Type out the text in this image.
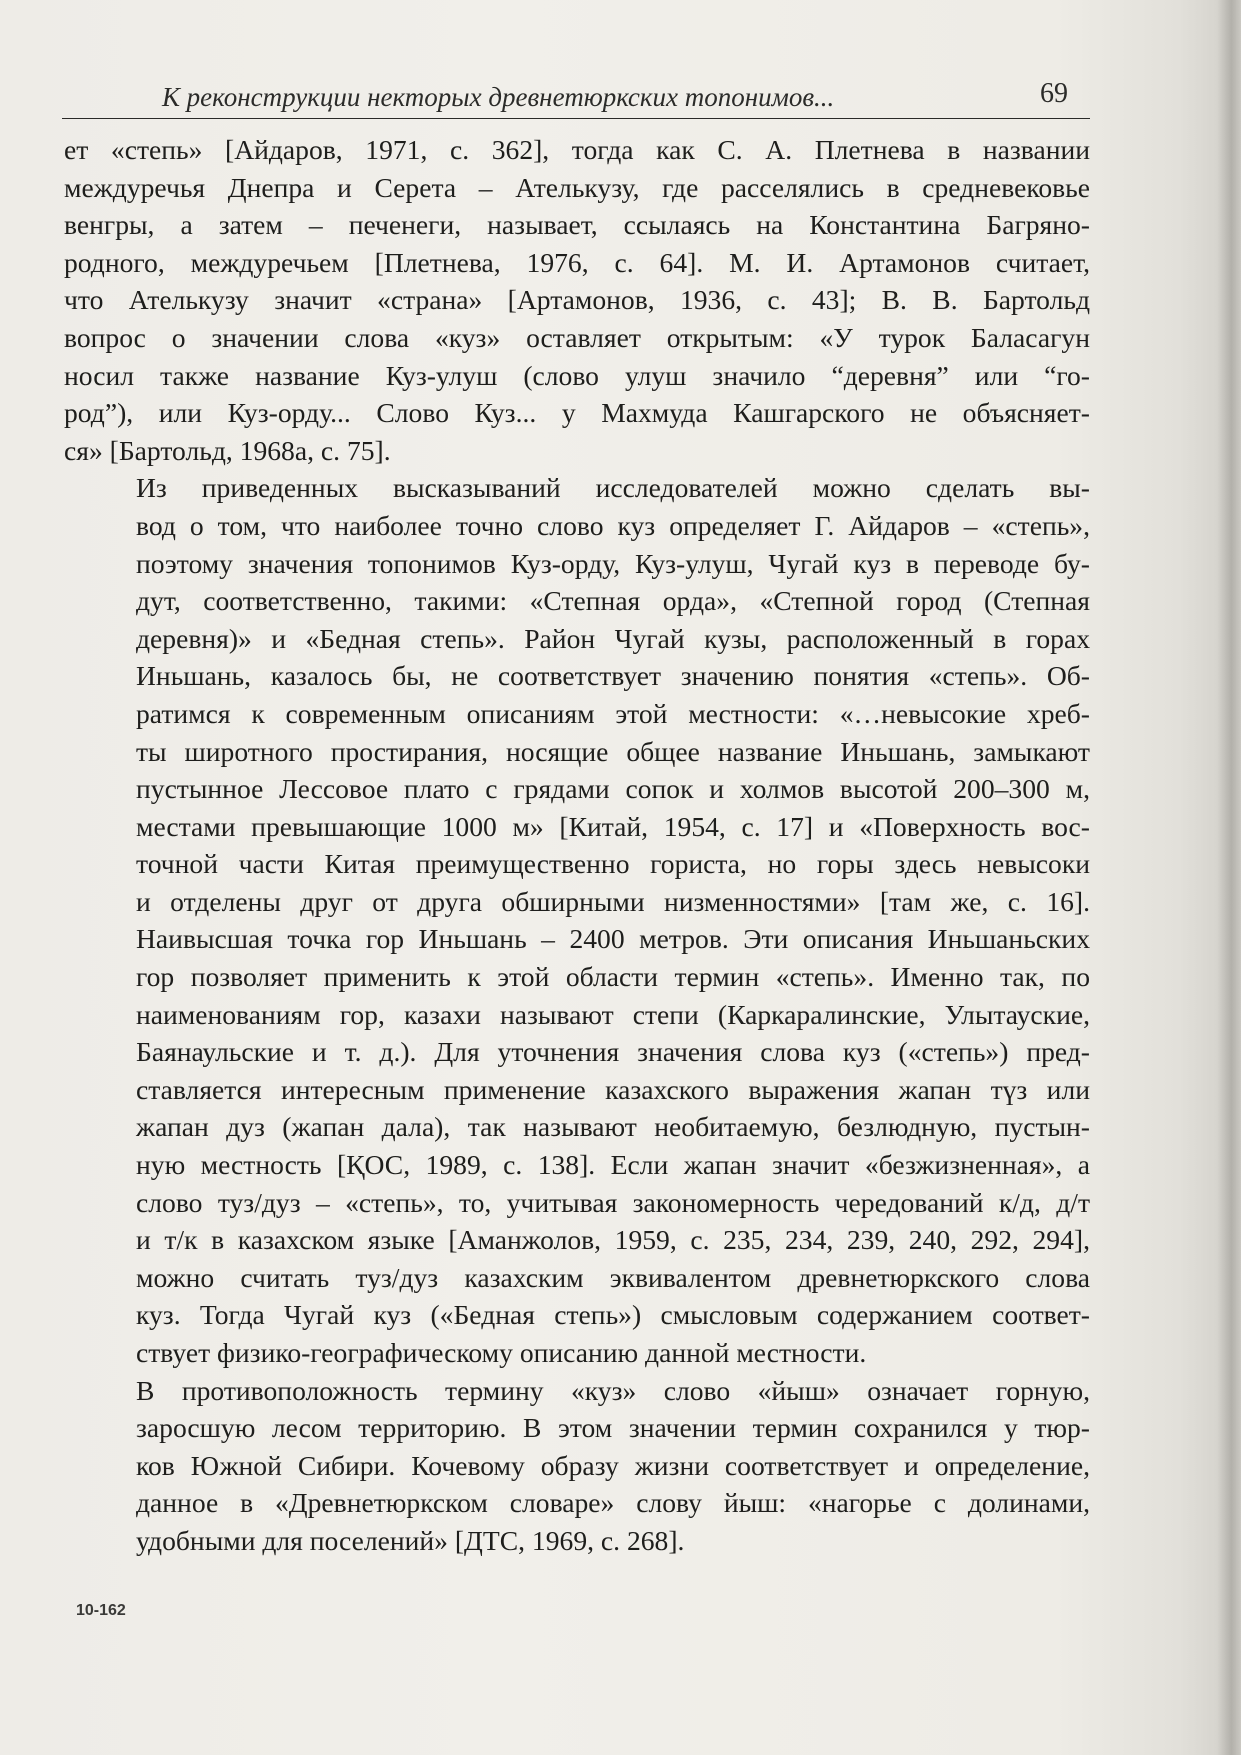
К реконструкции некторых древнетюркских топонимов...	69

ет «степь» [Айдаров, 1971, с. 362], тогда как С. А. Плетнева в названии
междуречья Днепра и Серета – Ателькузу, где расселялись в средневековье
венгры, а затем – печенеги, называет, ссылаясь на Константина Багряно-
родного, междуречьем [Плетнева, 1976, с. 64]. М. И. Артамонов считает,
что Ателькузу значит «страна» [Артамонов, 1936, с. 43]; В. В. Бартольд
вопрос о значении слова «куз» оставляет открытым: «У турок Баласагун
носил также название Куз-улуш (слово улуш значило “деревня” или “го-
род”), или Куз-орду... Слово Куз... у Махмуда Кашгарского не объясняет-
ся» [Бартольд, 1968а, с. 75].

Из приведенных высказываний исследователей можно сделать вы-
вод о том, что наиболее точно слово куз определяет Г. Айдаров – «степь»,
поэтому значения топонимов Куз-орду, Куз-улуш, Чугай куз в переводе бу-
дут, соответственно, такими: «Степная орда», «Степной город (Степная
деревня)» и «Бедная степь». Район Чугай кузы, расположенный в горах
Иньшань, казалось бы, не соответствует значению понятия «степь». Об-
ратимся к современным описаниям этой местности: «…невысокие хреб-
ты широтного простирания, носящие общее название Иньшань, замыкают
пустынное Лессовое плато с грядами сопок и холмов высотой 200–300 м,
местами превышающие 1000 м» [Китай, 1954, с. 17] и «Поверхность вос-
точной части Китая преимущественно гориста, но горы здесь невысоки
и отделены друг от друга обширными низменностями» [там же, с. 16].
Наивысшая точка гор Иньшань – 2400 метров. Эти описания Иньшаньских
гор позволяет применить к этой области термин «степь». Именно так, по
наименованиям гор, казахи называют степи (Каркаралинские, Улытауские,
Баянаульские и т. д.). Для уточнения значения слова куз («степь») пред-
ставляется интересным применение казахского выражения жапан түз или
жапан дуз (жапан дала), так называют необитаемую, безлюдную, пустын-
ную местность [ҚОС, 1989, с. 138]. Если жапан значит «безжизненная», а
слово туз/дуз – «степь», то, учитывая закономерность чередований к/д, д/т
и т/к в казахском языке [Аманжолов, 1959, с. 235, 234, 239, 240, 292, 294],
можно считать туз/дуз казахским эквивалентом древнетюркского слова
куз. Тогда Чугай куз («Бедная степь») смысловым содержанием соответ-
ствует физико-географическому описанию данной местности.

В противоположность термину «куз» слово «йыш» означает горную,
заросшую лесом территорию. В этом значении термин сохранился у тюр-
ков Южной Сибири. Кочевому образу жизни соответствует и определение,
данное в «Древнетюркском словаре» слову йыш: «нагорье с долинами,
удобными для поселений» [ДТС, 1969, с. 268].

10-162
